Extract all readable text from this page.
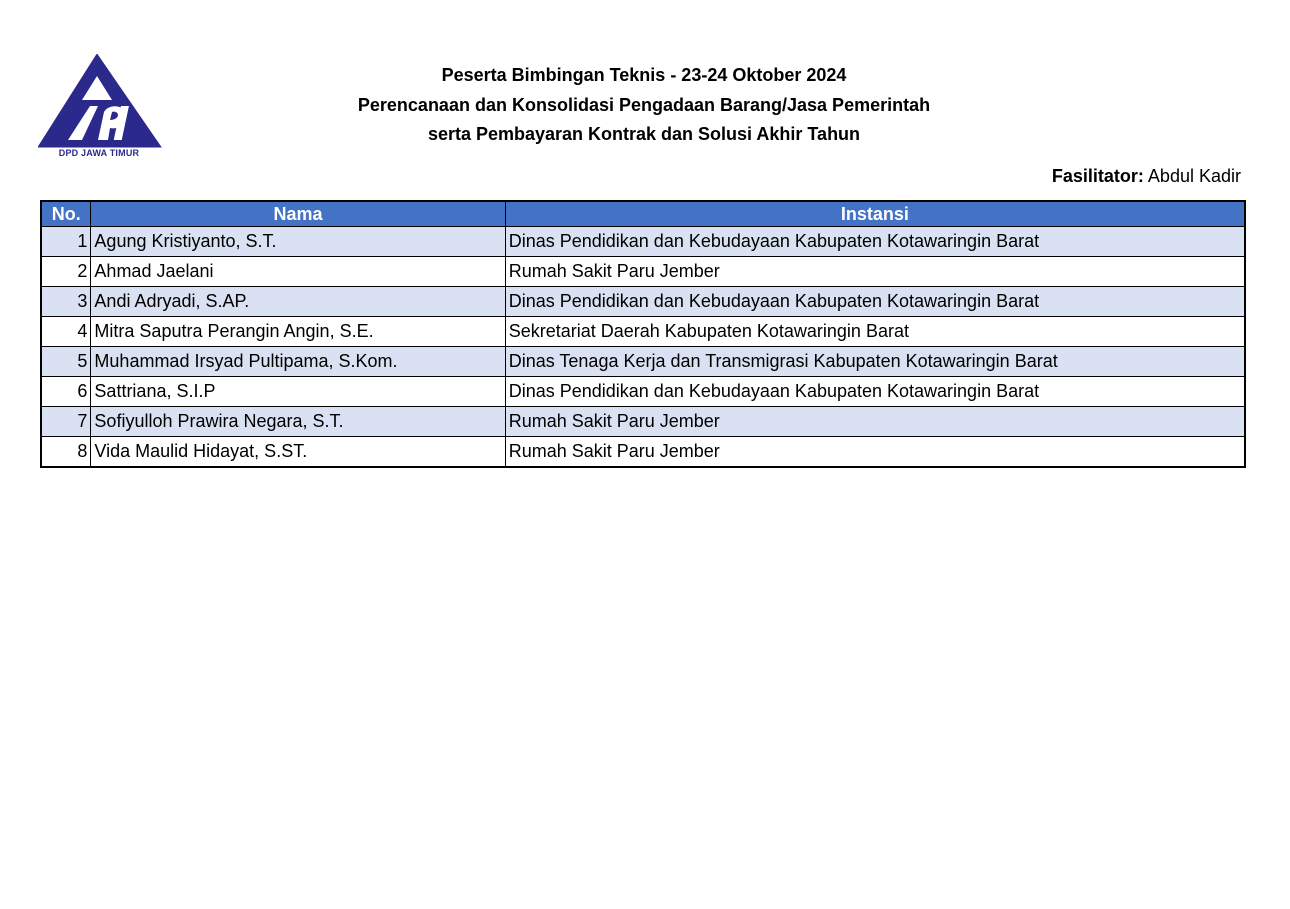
DPD JAWA TIMUR
Peserta Bimbingan Teknis - 23-24 Oktober 2024
Perencanaan dan Konsolidasi Pengadaan Barang/Jasa Pemerintah
serta Pembayaran Kontrak dan Solusi Akhir Tahun
Fasilitator: Abdul Kadir
No.	Nama	Instansi
1	Agung Kristiyanto, S.T.	Dinas Pendidikan dan Kebudayaan Kabupaten Kotawaringin Barat
2	Ahmad Jaelani	Rumah Sakit Paru Jember
3	Andi Adryadi, S.AP.	Dinas Pendidikan dan Kebudayaan Kabupaten Kotawaringin Barat
4	Mitra Saputra Perangin Angin, S.E.	Sekretariat Daerah Kabupaten Kotawaringin Barat
5	Muhammad Irsyad Pultipama, S.Kom.	Dinas Tenaga Kerja dan Transmigrasi Kabupaten Kotawaringin Barat
6	Sattriana, S.I.P	Dinas Pendidikan dan Kebudayaan Kabupaten Kotawaringin Barat
7	Sofiyulloh Prawira Negara, S.T.	Rumah Sakit Paru Jember
8	Vida Maulid Hidayat, S.ST.	Rumah Sakit Paru Jember
